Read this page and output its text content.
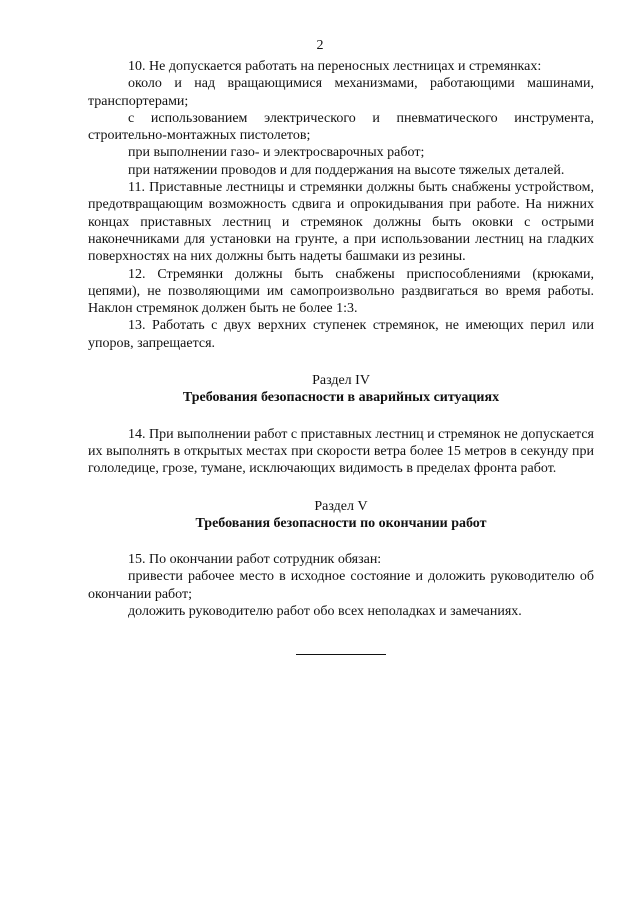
2

10. Не допускается работать на переносных лестницах и стремянках:

около и над вращающимися механизмами, работающими машинами, транспортерами;

с использованием электрического и пневматического инструмента, строительно-монтажных пистолетов;

при выполнении газо- и электросварочных работ;

при натяжении проводов и для поддержания на высоте тяжелых деталей.

11. Приставные лестницы и стремянки должны быть снабжены устройством, предотвращающим возможность сдвига и опрокидывания при работе. На нижних концах приставных лестниц и стремянок должны быть оковки с острыми наконечниками для установки на грунте, а при использовании лестниц на гладких поверхностях на них должны быть надеты башмаки из резины.

12. Стремянки должны быть снабжены приспособлениями (крюками, цепями), не позволяющими им самопроизвольно раздвигаться во время работы. Наклон стремянок должен быть не более 1:3.

13. Работать с двух верхних ступенек стремянок, не имеющих перил или упоров, запрещается.

Раздел IV

Требования безопасности в аварийных ситуациях

14. При выполнении работ с приставных лестниц и стремянок не допускается их выполнять в открытых местах при скорости ветра более 15 метров в секунду при гололедице, грозе, тумане, исключающих видимость в пределах фронта работ.

Раздел V

Требования безопасности по окончании работ

15. По окончании работ сотрудник обязан:

привести рабочее место в исходное состояние и доложить руководителю об окончании работ;

доложить руководителю работ обо всех неполадках и замечаниях.
